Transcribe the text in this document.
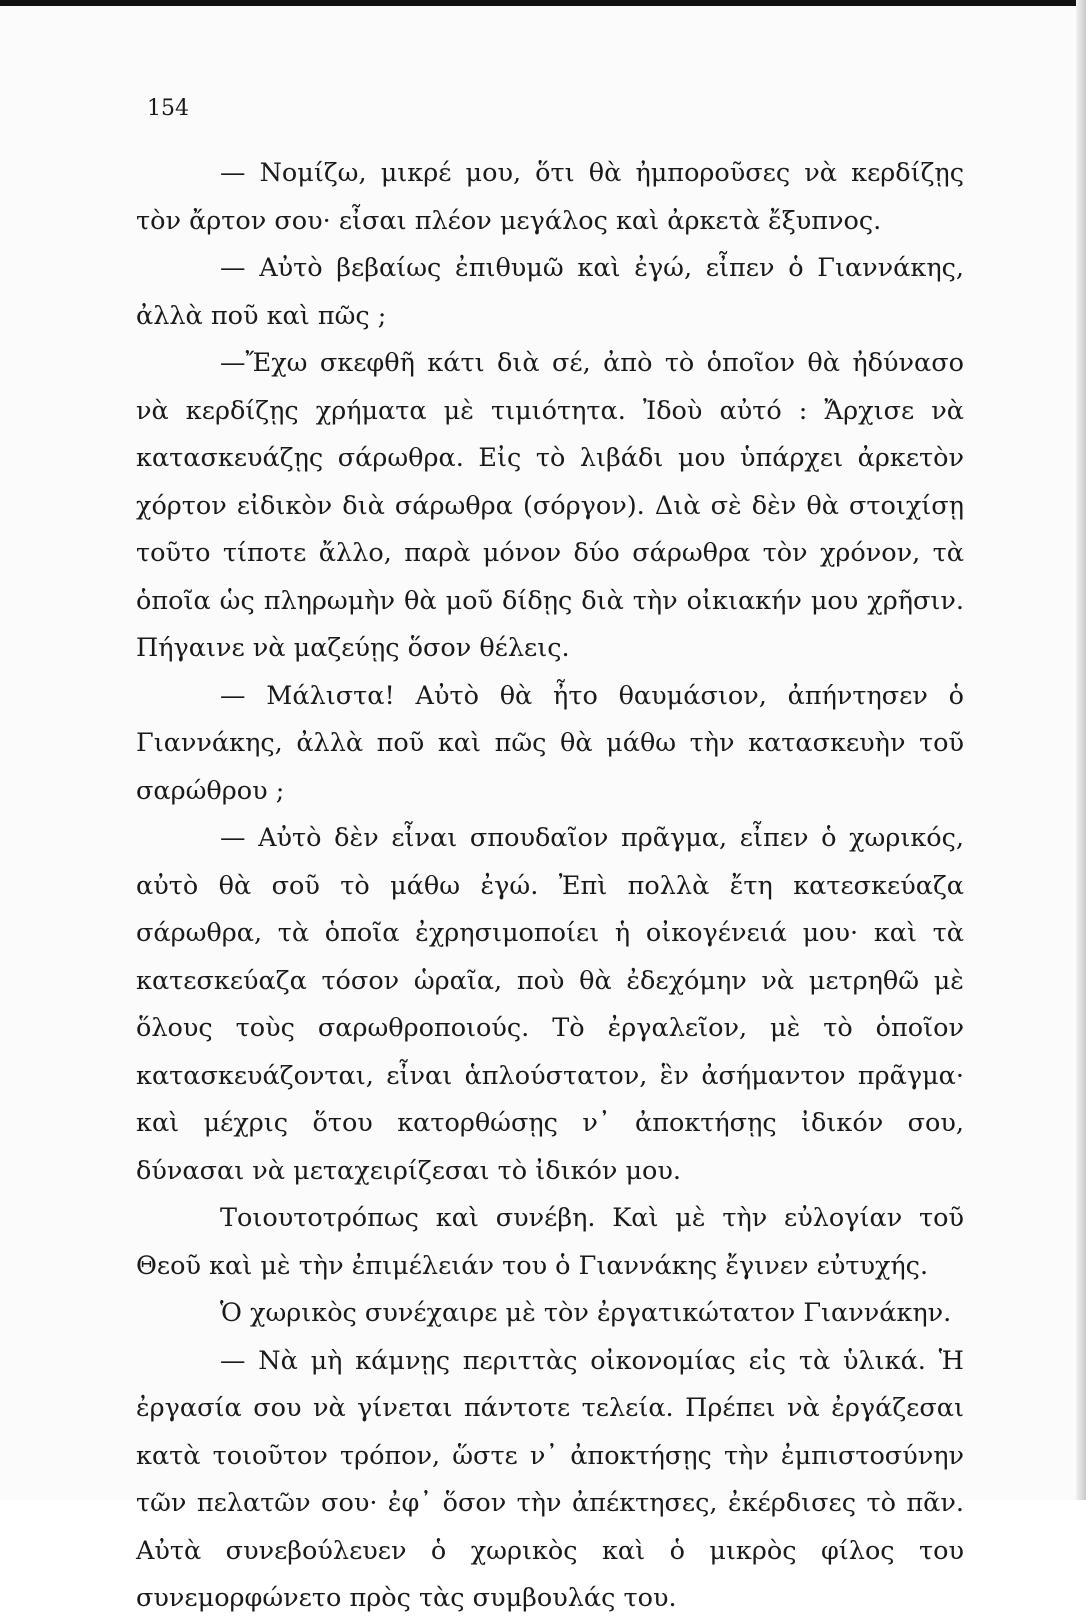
154

— Νομίζω, μικρέ μου, ὅτι θὰ ἠμποροῦσες νὰ κερδίζῃς τὸν ἄρτον σου· εἶσαι πλέον μεγάλος καὶ ἀρκετὰ ἔξυπνος.

— Αὐτὸ βεβαίως ἐπιθυμῶ καὶ ἐγώ, εἶπεν ὁ Γιαννάκης, ἀλλὰ ποῦ καὶ πῶς ;

—Ἔχω σκεφθῆ κάτι διὰ σέ, ἀπὸ τὸ ὁποῖον θὰ ἠδύνασο νὰ κερδίζῃς χρήματα μὲ τιμιότητα. Ἰδοὺ αὐτό : Ἄρχισε νὰ κατασκευάζῃς σάρωθρα. Εἰς τὸ λιβάδι μου ὑπάρχει ἀρκετὸν χόρτον εἰδικὸν διὰ σάρωθρα (σόργον). Διὰ σὲ δὲν θὰ στοιχίσῃ τοῦτο τίποτε ἄλλο, παρὰ μόνον δύο σάρωθρα τὸν χρόνον, τὰ ὁποῖα ὡς πληρωμὴν θὰ μοῦ δίδῃς διὰ τὴν οἰκιακήν μου χρῆσιν. Πήγαινε νὰ μαζεύῃς ὅσον θέλεις.

— Μάλιστα! Αὐτὸ θὰ ἦτο θαυμάσιον, ἀπήντησεν ὁ Γιαννάκης, ἀλλὰ ποῦ καὶ πῶς θὰ μάθω τὴν κατασκευὴν τοῦ σαρώθρου ;

— Αὐτὸ δὲν εἶναι σπουδαῖον πρᾶγμα, εἶπεν ὁ χωρικός, αὐτὸ θὰ σοῦ τὸ μάθω ἐγώ. Ἐπὶ πολλὰ ἔτη κατεσκεύαζα σάρωθρα, τὰ ὁποῖα ἐχρησιμοποίει ἡ οἰκογένειά μου· καὶ τὰ κατεσκεύαζα τόσον ὡραῖα, ποὺ θὰ ἐδεχόμην νὰ μετρηθῶ μὲ ὅλους τοὺς σαρωθροποιούς. Τὸ ἐργαλεῖον, μὲ τὸ ὁποῖον κατασκευάζονται, εἶναι ἁπλούστατον, ἓν ἀσήμαντον πρᾶγμα· καὶ μέχρις ὅτου κατορθώσῃς ν᾽ ἀποκτήσῃς ἰδικόν σου, δύνασαι νὰ μεταχειρίζεσαι τὸ ἰδικόν μου.

Τοιουτοτρόπως καὶ συνέβη. Καὶ μὲ τὴν εὐλογίαν τοῦ Θεοῦ καὶ μὲ τὴν ἐπιμέλειάν του ὁ Γιαννάκης ἔγινεν εὐτυχής.

Ὁ χωρικὸς συνέχαιρε μὲ τὸν ἐργατικώτατον Γιαννάκην.

— Νὰ μὴ κάμνῃς περιττὰς οἰκονομίας εἰς τὰ ὑλικά. Ἡ ἐργασία σου νὰ γίνεται πάντοτε τελεία. Πρέπει νὰ ἐργάζεσαι κατὰ τοιοῦτον τρόπον, ὥστε ν᾽ ἀποκτήσῃς τὴν ἐμπιστοσύνην τῶν πελατῶν σου· ἐφ᾽ ὅσον τὴν ἀπέκτησες, ἐκέρδισες τὸ πᾶν. Αὐτὰ συνεβούλευεν ὁ χωρικὸς καὶ ὁ μικρὸς φίλος του συνεμορφώνετο πρὸς τὰς συμβουλάς του.
